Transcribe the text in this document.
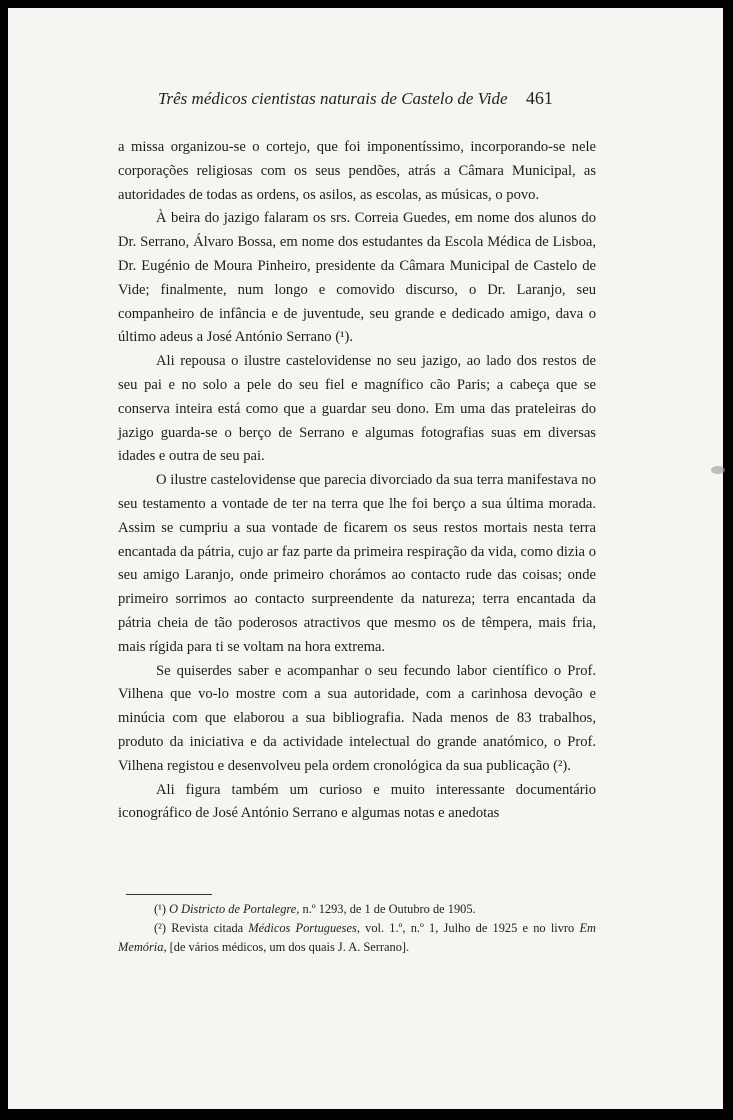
Três médicos cientistas naturais de Castelo de Vide 461

a missa organizou-se o cortejo, que foi imponentíssimo, incorporando-se nele corporações religiosas com os seus pendões, atrás a Câmara Municipal, as autoridades de todas as ordens, os asilos, as escolas, as músicas, o povo.

À beira do jazigo falaram os srs. Correia Guedes, em nome dos alunos do Dr. Serrano, Álvaro Bossa, em nome dos estudantes da Escola Médica de Lisboa, Dr. Eugénio de Moura Pinheiro, presidente da Câmara Municipal de Castelo de Vide; finalmente, num longo e comovido discurso, o Dr. Laranjo, seu companheiro de infância e de juventude, seu grande e dedicado amigo, dava o último adeus a José António Serrano (¹).

Ali repousa o ilustre castelovidense no seu jazigo, ao lado dos restos de seu pai e no solo a pele do seu fiel e magnífico cão Paris; a cabeça que se conserva inteira está como que a guardar seu dono. Em uma das prateleiras do jazigo guarda-se o berço de Serrano e algumas fotografias suas em diversas idades e outra de seu pai.

O ilustre castelovidense que parecia divorciado da sua terra manifestava no seu testamento a vontade de ter na terra que lhe foi berço a sua última morada. Assim se cumpriu a sua vontade de ficarem os seus restos mortais nesta terra encantada da pátria, cujo ar faz parte da primeira respiração da vida, como dizia o seu amigo Laranjo, onde primeiro chorámos ao contacto rude das coisas; onde primeiro sorrimos ao contacto surpreendente da natureza; terra encantada da pátria cheia de tão poderosos atractivos que mesmo os de têmpera, mais fria, mais rígida para ti se voltam na hora extrema.

Se quiserdes saber e acompanhar o seu fecundo labor científico o Prof. Vilhena que vo-lo mostre com a sua autoridade, com a carinhosa devoção e minúcia com que elaborou a sua bibliografia. Nada menos de 83 trabalhos, produto da iniciativa e da actividade intelectual do grande anatómico, o Prof. Vilhena registou e desenvolveu pela ordem cronológica da sua publicação (²).

Ali figura também um curioso e muito interessante documentário iconográfico de José António Serrano e algumas notas e anedotas

(¹) O Districto de Portalegre, n.º 1293, de 1 de Outubro de 1905.

(²) Revista citada Médicos Portugueses, vol. 1.º, n.º 1, Julho de 1925 e no livro Em Memória, [de vários médicos, um dos quais J. A. Serrano].
